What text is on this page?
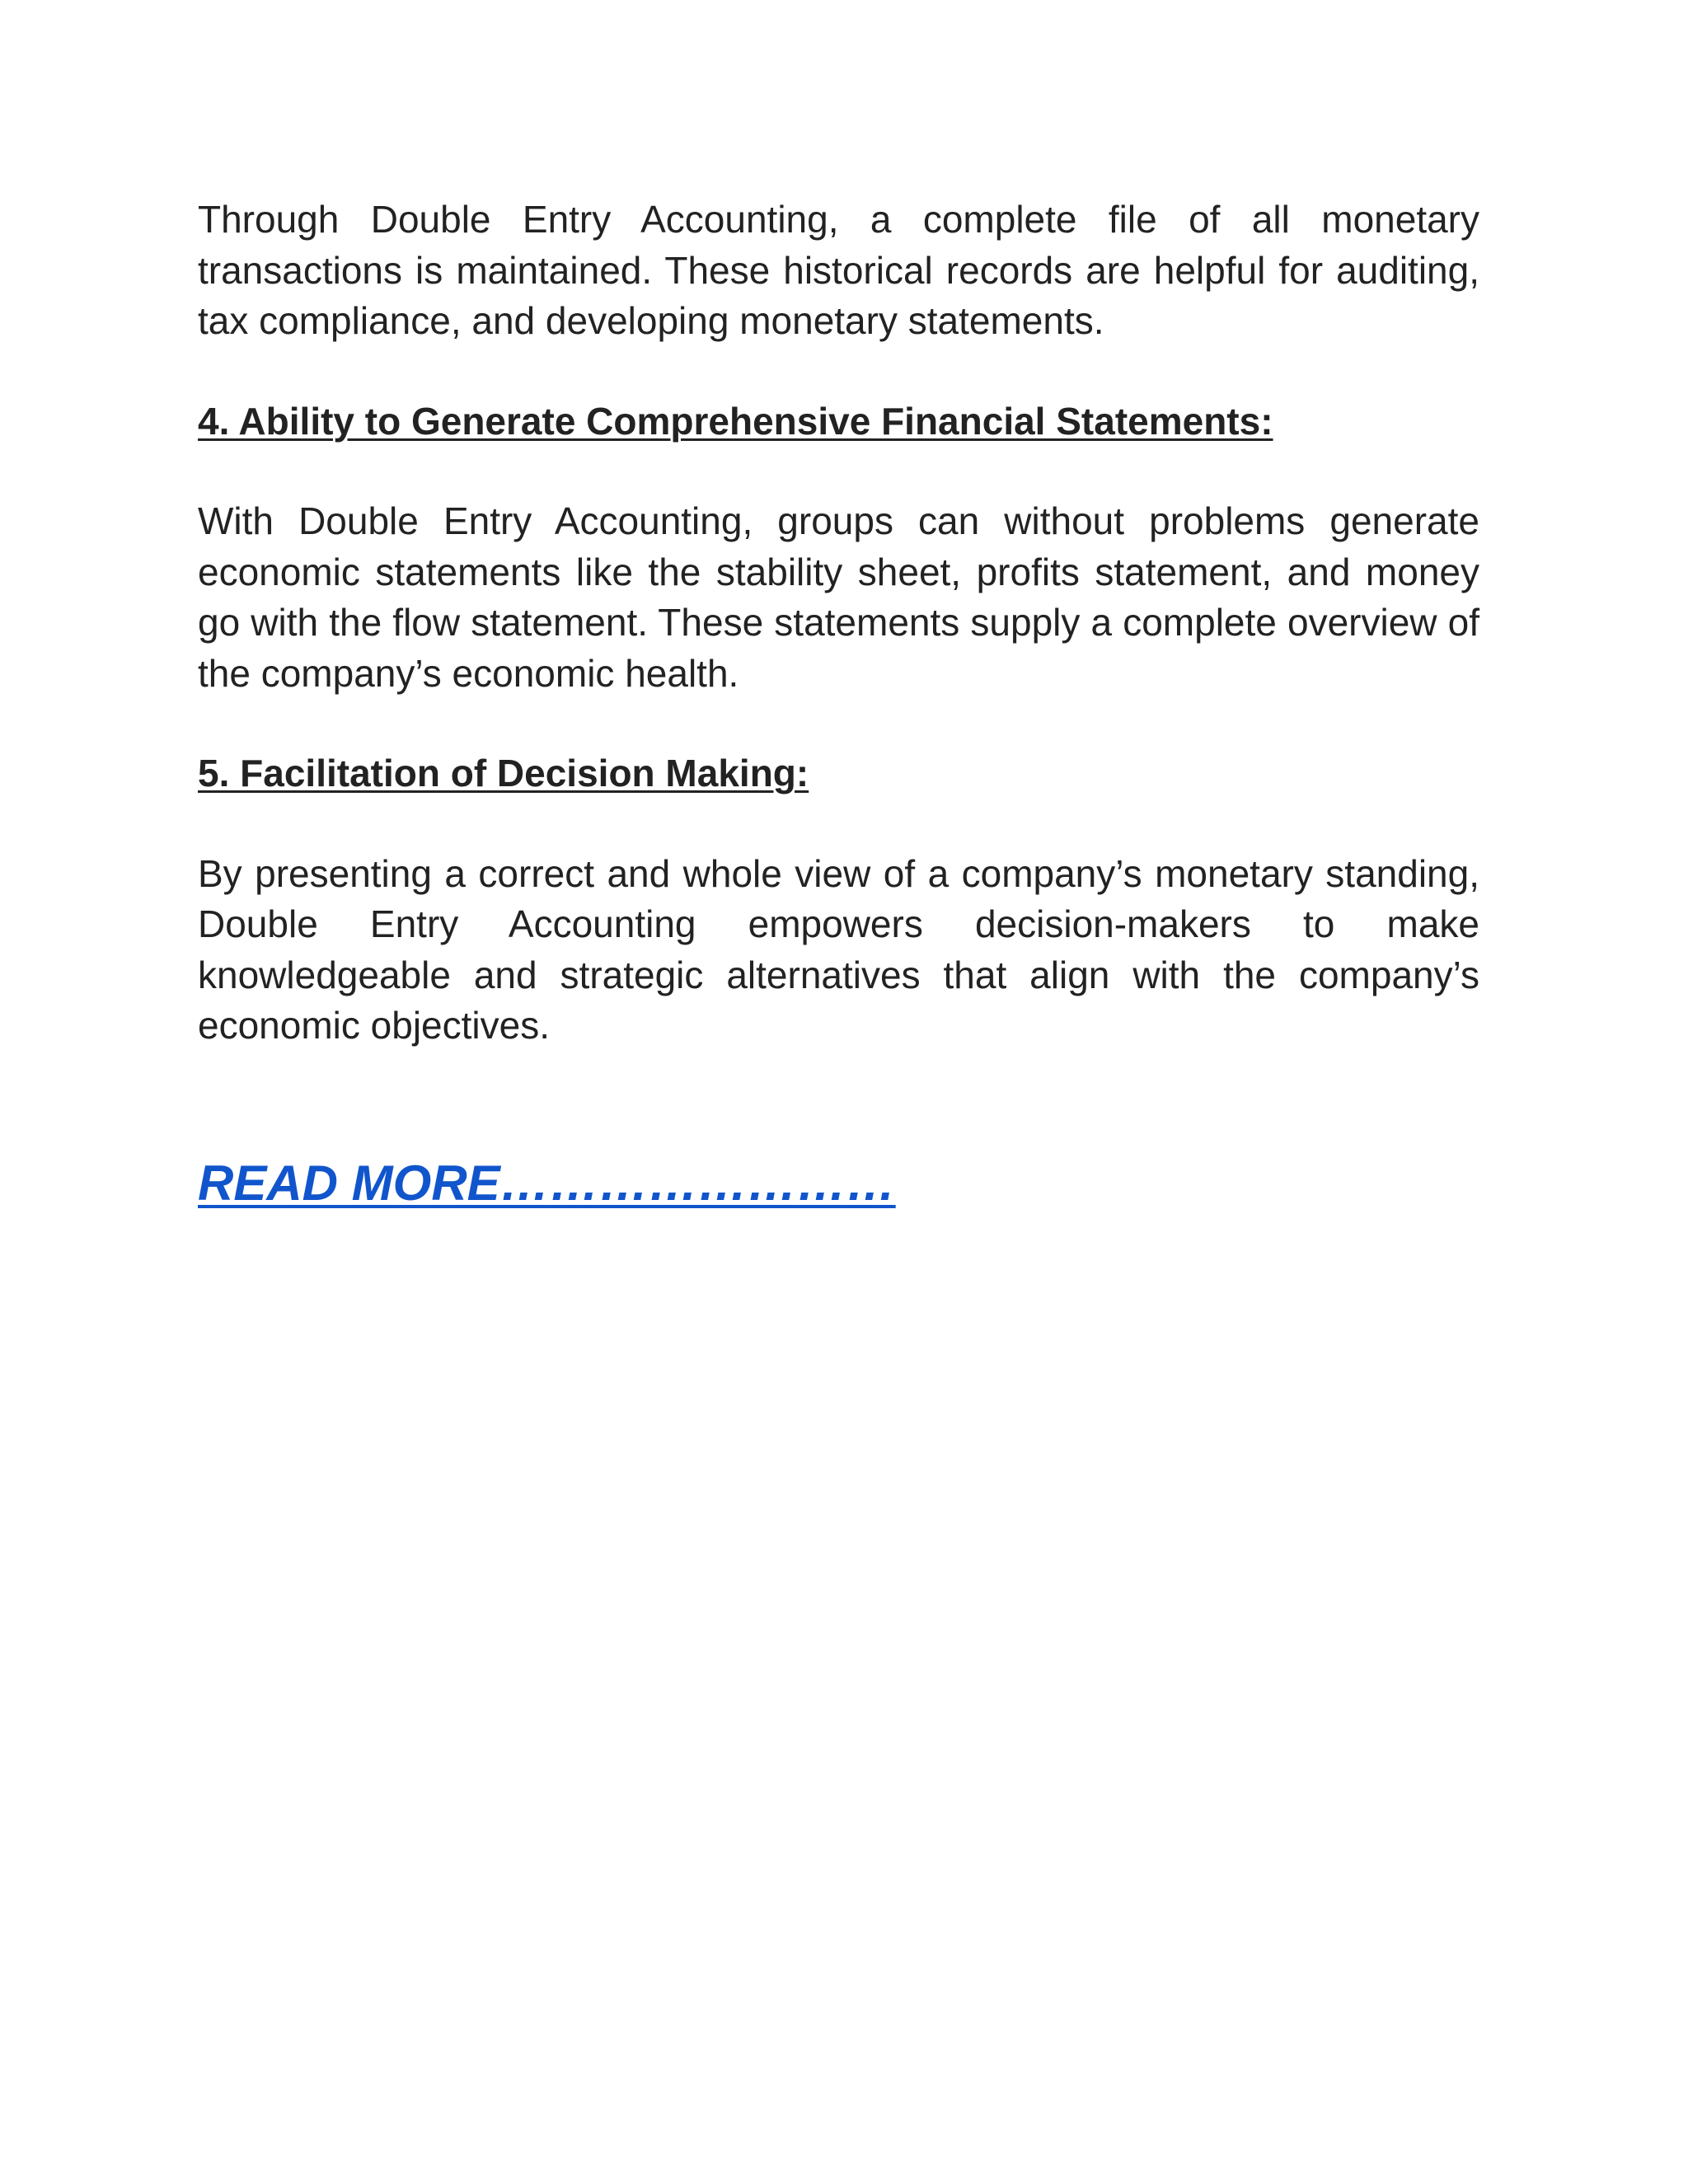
Through Double Entry Accounting, a complete file of all monetary transactions is maintained. These historical records are helpful for auditing, tax compliance, and developing monetary statements.

4. Ability to Generate Comprehensive Financial Statements:

With Double Entry Accounting, groups can without problems generate economic statements like the stability sheet, profits statement, and money go with the flow statement. These statements supply a complete overview of the company’s economic health.

5. Facilitation of Decision Making:

By presenting a correct and whole view of a company’s monetary standing, Double Entry Accounting empowers decision-makers to make knowledgeable and strategic alternatives that align with the company’s economic objectives.

READ MORE……………………
